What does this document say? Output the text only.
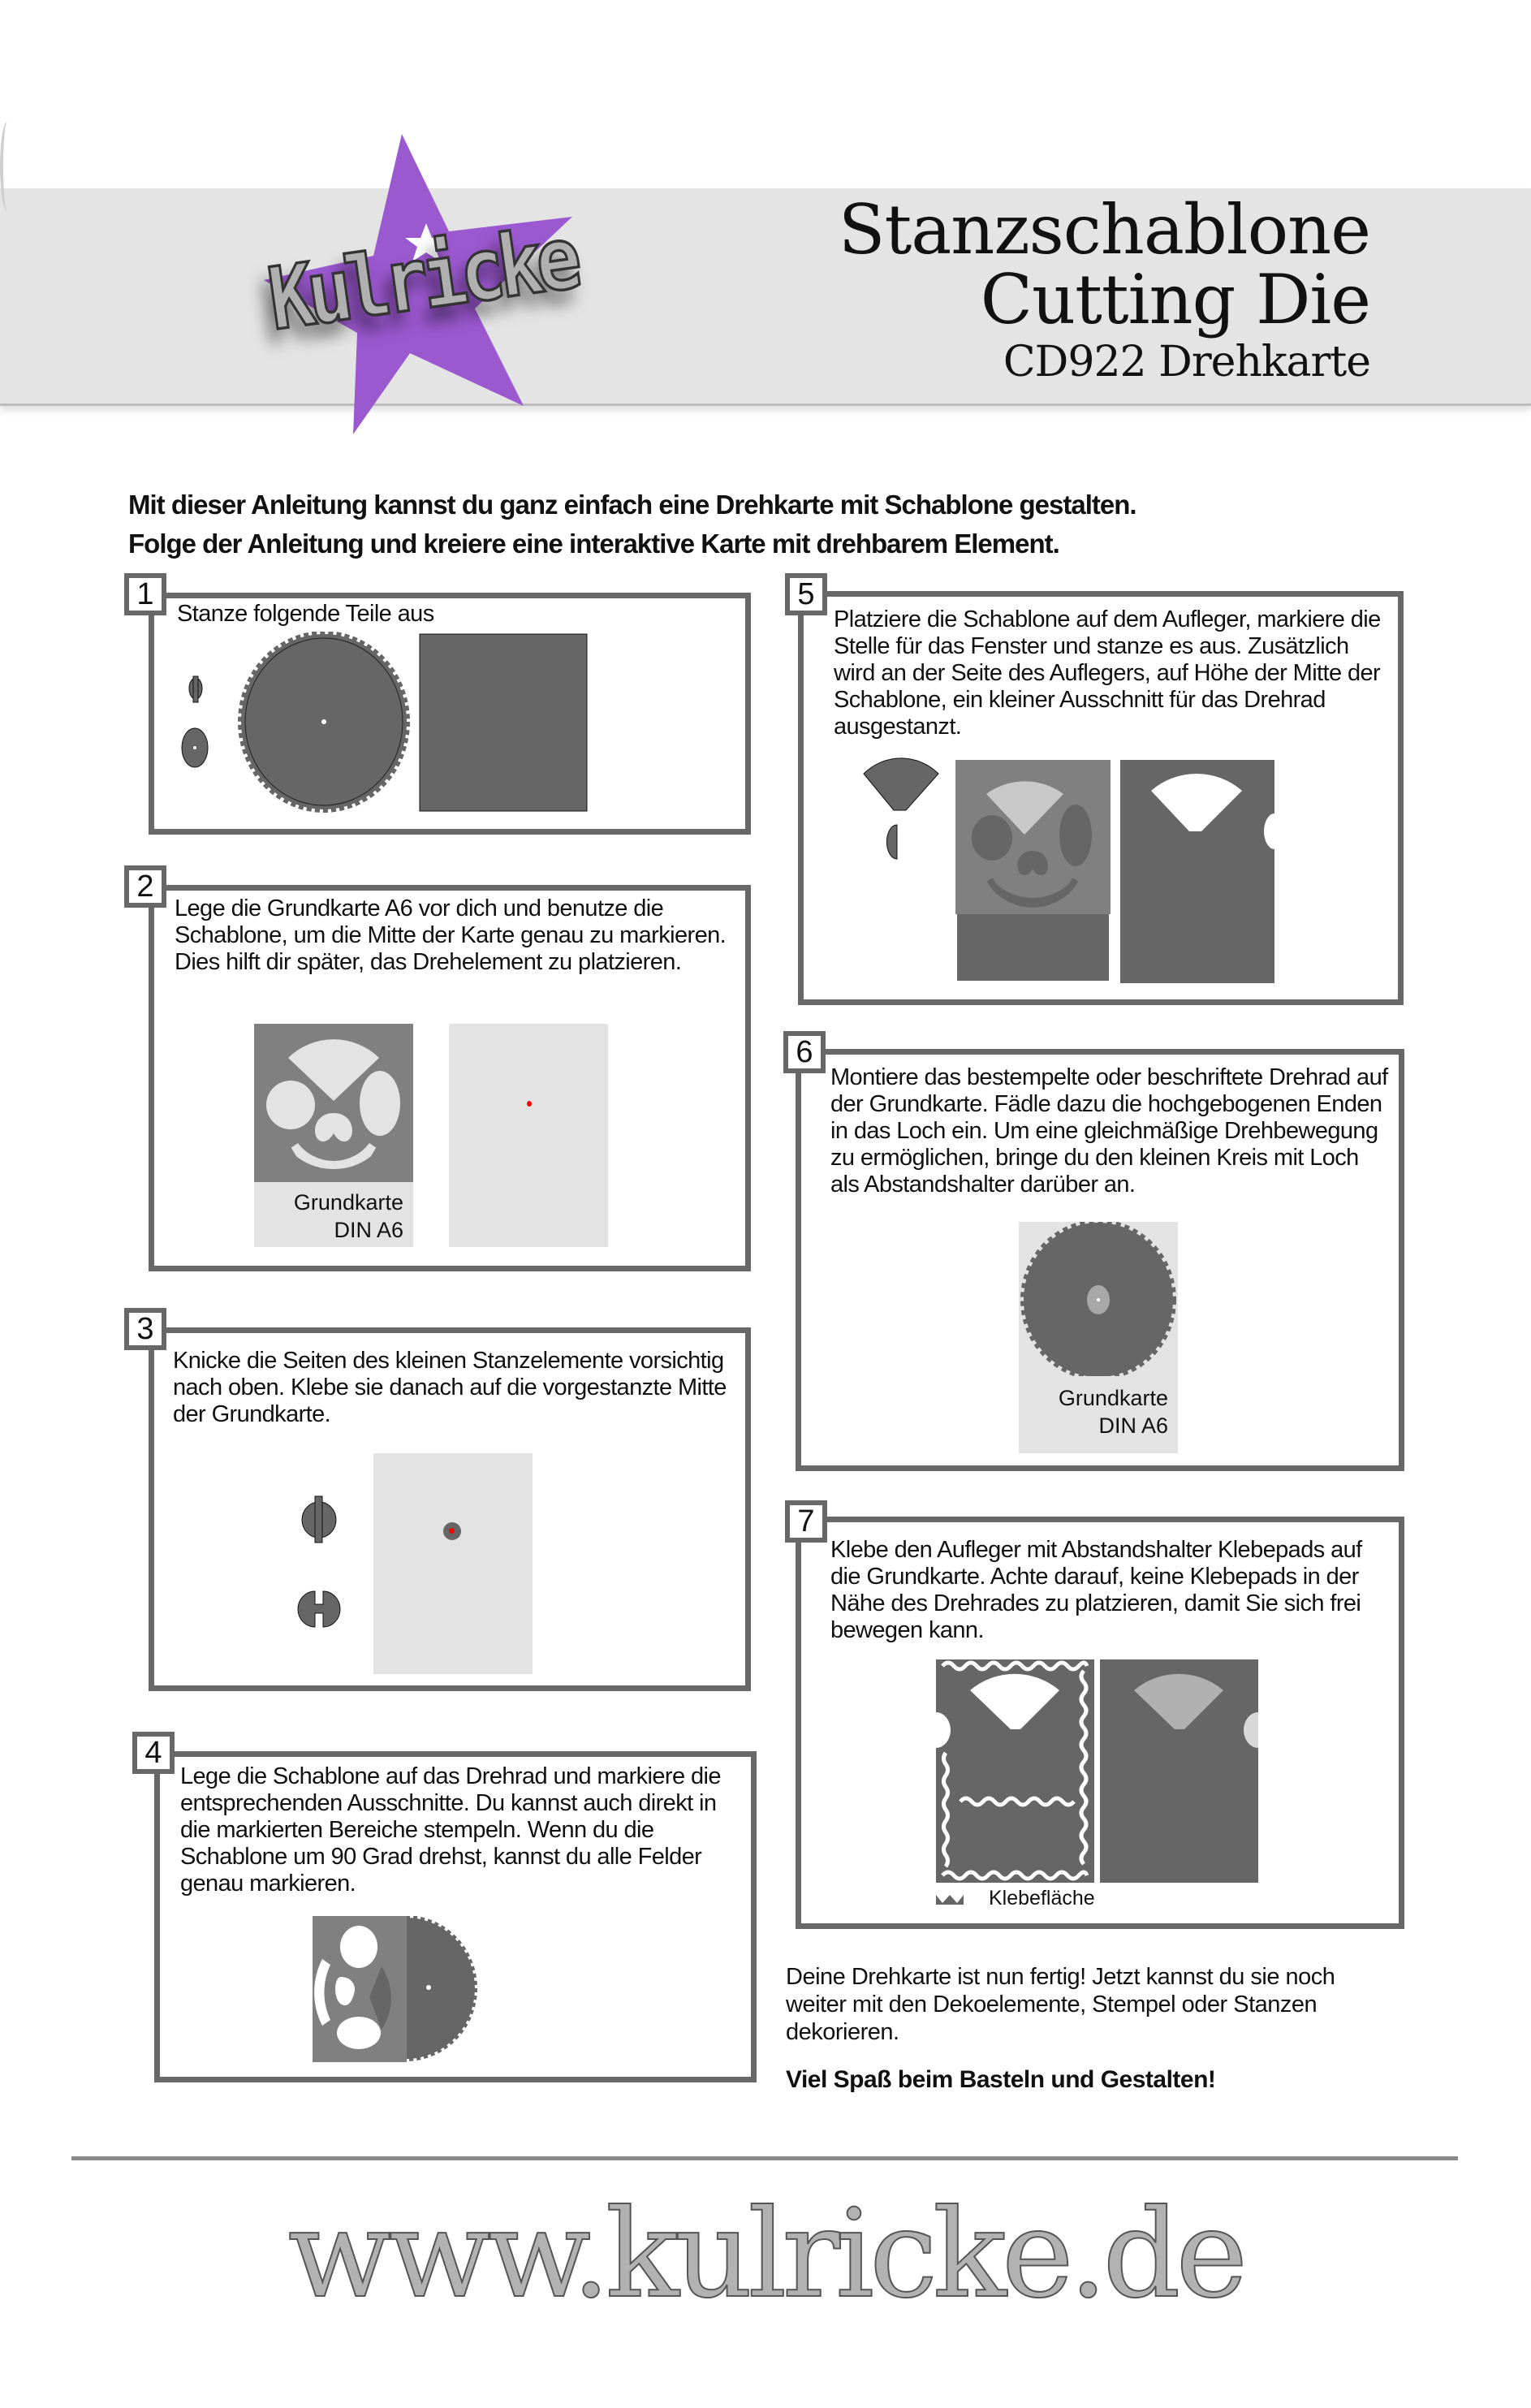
Kulricke	Stanzschablone
Cutting Die
CD922 Drehkarte
Mit dieser Anleitung kannst du ganz einfach eine Drehkarte mit Schablone gestalten.
Folge der Anleitung und kreiere eine interaktive Karte mit drehbarem Element.
1
Stanze folgende Teile aus
2
Lege die Grundkarte A6 vor dich und benutze die Schablone, um die Mitte der Karte genau zu markieren. Dies hilft dir später, das Drehelement zu platzieren.
Grundkarte
DIN A6
3
Knicke die Seiten des kleinen Stanzelemente vorsichtig nach oben. Klebe sie danach auf die vorgestanzte Mitte der Grundkarte.
4
Lege die Schablone auf das Drehrad und markiere die entsprechenden Ausschnitte. Du kannst auch direkt in die markierten Bereiche stempeln. Wenn du die Schablone um 90 Grad drehst, kannst du alle Felder genau markieren.
5
Platziere die Schablone auf dem Aufleger, markiere die Stelle für das Fenster und stanze es aus. Zusätzlich wird an der Seite des Auflegers, auf Höhe der Mitte der Schablone, ein kleiner Ausschnitt für das Drehrad ausgestanzt.
6
Montiere das bestempelte oder beschriftete Drehrad auf der Grundkarte. Fädle dazu die hochgebogenen Enden in das Loch ein. Um eine gleichmäßige Drehbewegung zu ermöglichen, bringe du den kleinen Kreis mit Loch als Abstandshalter darüber an.
Grundkarte
DIN A6
7
Klebe den Aufleger mit Abstandshalter Klebepads auf die Grundkarte. Achte darauf, keine Klebepads in der Nähe des Drehrades zu platzieren, damit Sie sich frei bewegen kann.
Klebefläche
Deine Drehkarte ist nun fertig! Jetzt kannst du sie noch weiter mit den Dekoelemente, Stempel oder Stanzen dekorieren.
Viel Spaß beim Basteln und Gestalten!
www.kulricke.de
